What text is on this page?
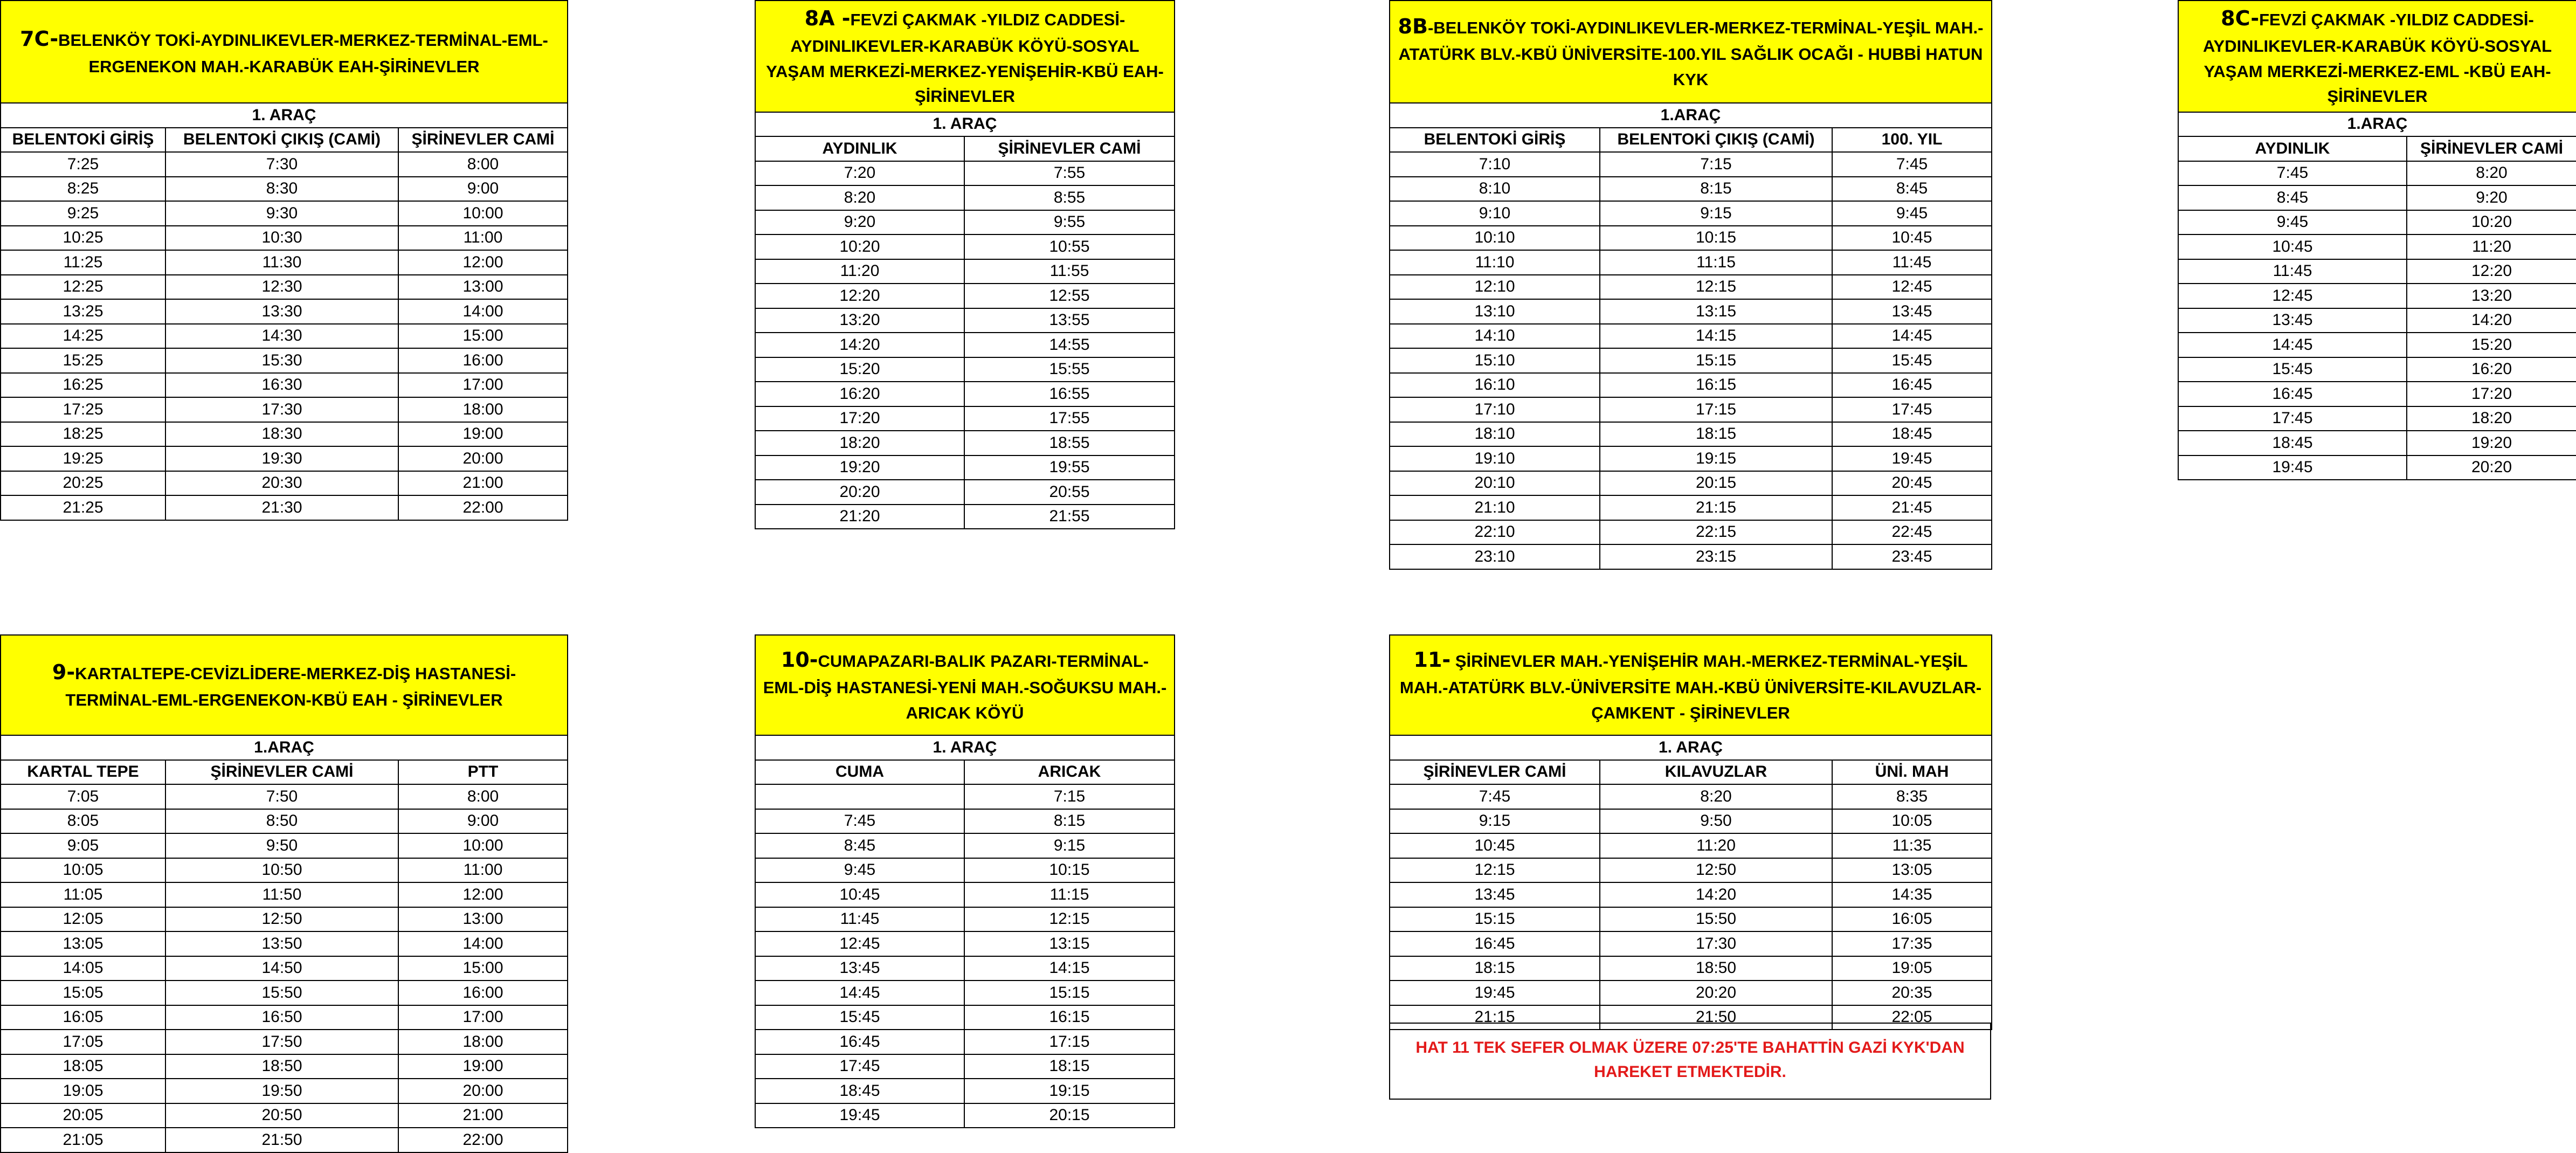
7C-BELENKÖY TOKİ-AYDINLIKEVLER-MERKEZ-TERMİNAL-EML-ERGENEKON MAH.-KARABÜK EAH-ŞİRİNEVLER		
1. ARAÇ		
BELENTOKİ GİRİŞ	BELENTOKİ ÇIKIŞ (CAMİ)	ŞİRİNEVLER CAMİ
7:25	7:30	8:00
8:25	8:30	9:00
9:25	9:30	10:00
10:25	10:30	11:00
11:25	11:30	12:00
12:25	12:30	13:00
13:25	13:30	14:00
14:25	14:30	15:00
15:25	15:30	16:00
16:25	16:30	17:00
17:25	17:30	18:00
18:25	18:30	19:00
19:25	19:30	20:00
20:25	20:30	21:00
21:25	21:30	22:00
8A -FEVZİ ÇAKMAK -YILDIZ CADDESİ-AYDINLIKEVLER-KARABÜK KÖYÜ-SOSYAL YAŞAM MERKEZİ-MERKEZ-YENİŞEHİR-KBÜ EAH-ŞİRİNEVLER	
1. ARAÇ	
AYDINLIK	ŞİRİNEVLER CAMİ
7:20	7:55
8:20	8:55
9:20	9:55
10:20	10:55
11:20	11:55
12:20	12:55
13:20	13:55
14:20	14:55
15:20	15:55
16:20	16:55
17:20	17:55
18:20	18:55
19:20	19:55
20:20	20:55
21:20	21:55
8B-BELENKÖY TOKİ-AYDINLIKEVLER-MERKEZ-TERMİNAL-YEŞİL MAH.-ATATÜRK BLV.-KBÜ ÜNİVERSİTE-100.YIL SAĞLIK OCAĞI - HUBBİ HATUN KYK		
1.ARAÇ		
BELENTOKİ GİRİŞ	BELENTOKİ ÇIKIŞ (CAMİ)	100. YIL
7:10	7:15	7:45
8:10	8:15	8:45
9:10	9:15	9:45
10:10	10:15	10:45
11:10	11:15	11:45
12:10	12:15	12:45
13:10	13:15	13:45
14:10	14:15	14:45
15:10	15:15	15:45
16:10	16:15	16:45
17:10	17:15	17:45
18:10	18:15	18:45
19:10	19:15	19:45
20:10	20:15	20:45
21:10	21:15	21:45
22:10	22:15	22:45
23:10	23:15	23:45
8C-FEVZİ ÇAKMAK -YILDIZ CADDESİ-AYDINLIKEVLER-KARABÜK KÖYÜ-SOSYAL YAŞAM MERKEZİ-MERKEZ-EML -KBÜ EAH-ŞİRİNEVLER	
1.ARAÇ	
AYDINLIK	ŞİRİNEVLER CAMİ
7:45	8:20
8:45	9:20
9:45	10:20
10:45	11:20
11:45	12:20
12:45	13:20
13:45	14:20
14:45	15:20
15:45	16:20
16:45	17:20
17:45	18:20
18:45	19:20
19:45	20:20
9-KARTALTEPE-CEVİZLİDERE-MERKEZ-DİŞ HASTANESİ-TERMİNAL-EML-ERGENEKON-KBÜ EAH - ŞİRİNEVLER		
1.ARAÇ		
KARTAL TEPE	ŞİRİNEVLER CAMİ	PTT
7:05	7:50	8:00
8:05	8:50	9:00
9:05	9:50	10:00
10:05	10:50	11:00
11:05	11:50	12:00
12:05	12:50	13:00
13:05	13:50	14:00
14:05	14:50	15:00
15:05	15:50	16:00
16:05	16:50	17:00
17:05	17:50	18:00
18:05	18:50	19:00
19:05	19:50	20:00
20:05	20:50	21:00
21:05	21:50	22:00
10-CUMAPAZARI-BALIK PAZARI-TERMİNAL-EML-DİŞ HASTANESİ-YENİ MAH.-SOĞUKSU MAH.-ARICAK KÖYÜ	
1. ARAÇ	
CUMA	ARICAK
	7:15
7:45	8:15
8:45	9:15
9:45	10:15
10:45	11:15
11:45	12:15
12:45	13:15
13:45	14:15
14:45	15:15
15:45	16:15
16:45	17:15
17:45	18:15
18:45	19:15
19:45	20:15
11- ŞİRİNEVLER MAH.-YENİŞEHİR MAH.-MERKEZ-TERMİNAL-YEŞİL MAH.-ATATÜRK BLV.-ÜNİVERSİTE MAH.-KBÜ ÜNİVERSİTE-KILAVUZLAR-ÇAMKENT - ŞİRİNEVLER		
1. ARAÇ		
ŞİRİNEVLER CAMİ	KILAVUZLAR	ÜNİ. MAH
7:45	8:20	8:35
9:15	9:50	10:05
10:45	11:20	11:35
12:15	12:50	13:05
13:45	14:20	14:35
15:15	15:50	16:05
16:45	17:30	17:35
18:15	18:50	19:05
19:45	20:20	20:35
21:15	21:50	22:05
HAT 11 TEK SEFER OLMAK ÜZERE 07:25'TE BAHATTİN GAZİ KYK'DAN HAREKET ETMEKTEDİR.
